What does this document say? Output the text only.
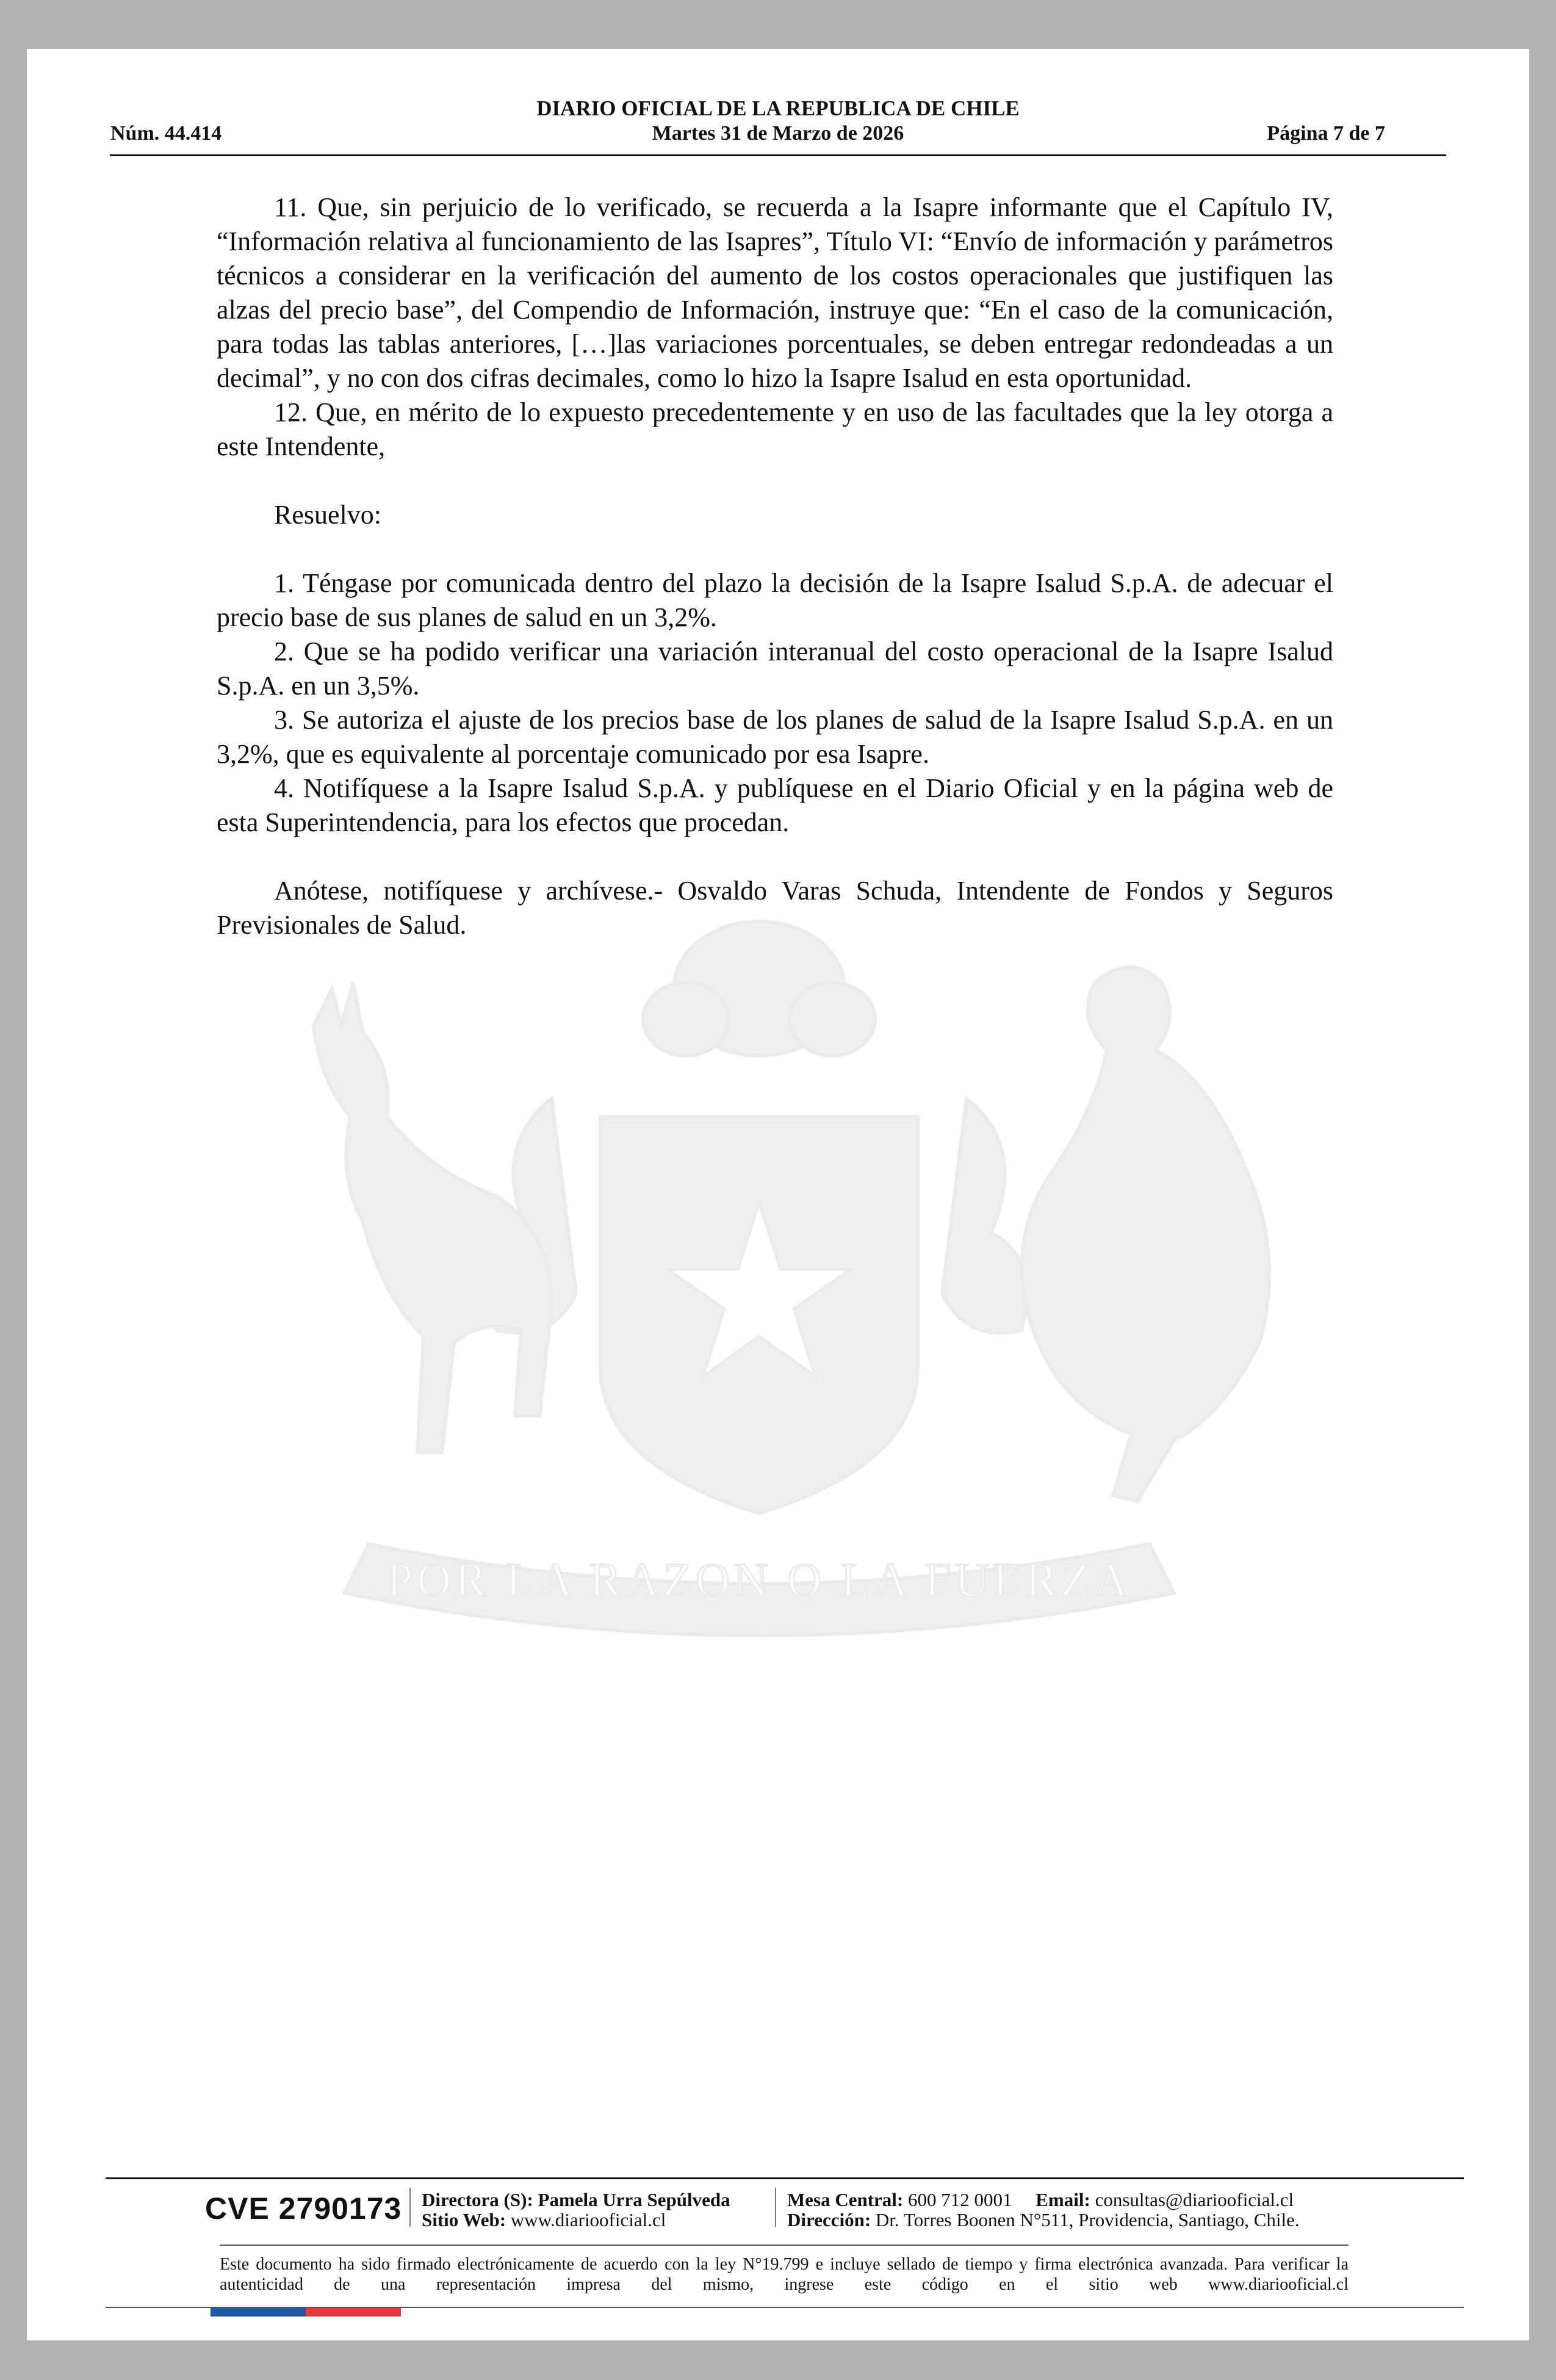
DIARIO OFICIAL DE LA REPUBLICA DE CHILE
Núm. 44.414	Martes 31 de Marzo de 2026	Página 7 de 7
POR LA RAZON O LA FUERZA

11. Que, sin perjuicio de lo verificado, se recuerda a la Isapre informante que el Capítulo IV, “Información relativa al funcionamiento de las Isapres”, Título VI: “Envío de información y parámetros técnicos a considerar en la verificación del aumento de los costos operacionales que justifiquen las alzas del precio base”, del Compendio de Información, instruye que: “En el caso de la comunicación, para todas las tablas anteriores, […]las variaciones porcentuales, se deben entregar redondeadas a un decimal”, y no con dos cifras decimales, como lo hizo la Isapre Isalud en esta oportunidad.

12. Que, en mérito de lo expuesto precedentemente y en uso de las facultades que la ley otorga a este Intendente,

Resuelvo:

1. Téngase por comunicada dentro del plazo la decisión de la Isapre Isalud S.p.A. de adecuar el precio base de sus planes de salud en un 3,2%.

2. Que se ha podido verificar una variación interanual del costo operacional de la Isapre Isalud S.p.A. en un 3,5%.

3. Se autoriza el ajuste de los precios base de los planes de salud de la Isapre Isalud S.p.A. en un 3,2%, que es equivalente al porcentaje comunicado por esa Isapre.

4. Notifíquese a la Isapre Isalud S.p.A. y publíquese en el Diario Oficial y en la página web de esta Superintendencia, para los efectos que procedan.

Anótese, notifíquese y archívese.- Osvaldo Varas Schuda, Intendente de Fondos y Seguros Previsionales de Salud.

CVE 2790173 Directora (S): Pamela Urra Sepúlveda
Sitio Web: www.diariooficial.cl
Mesa Central: 600 712 0001 Email: consultas@diariooficial.cl
Dirección: Dr. Torres Boonen N°511, Providencia, Santiago, Chile.
Este documento ha sido firmado electrónicamente de acuerdo con la ley N°19.799 e incluye sellado de tiempo y firma electrónica avanzada. Para verificar la autenticidad de una representación impresa del mismo, ingrese este código en el sitio web www.diariooficial.cl
